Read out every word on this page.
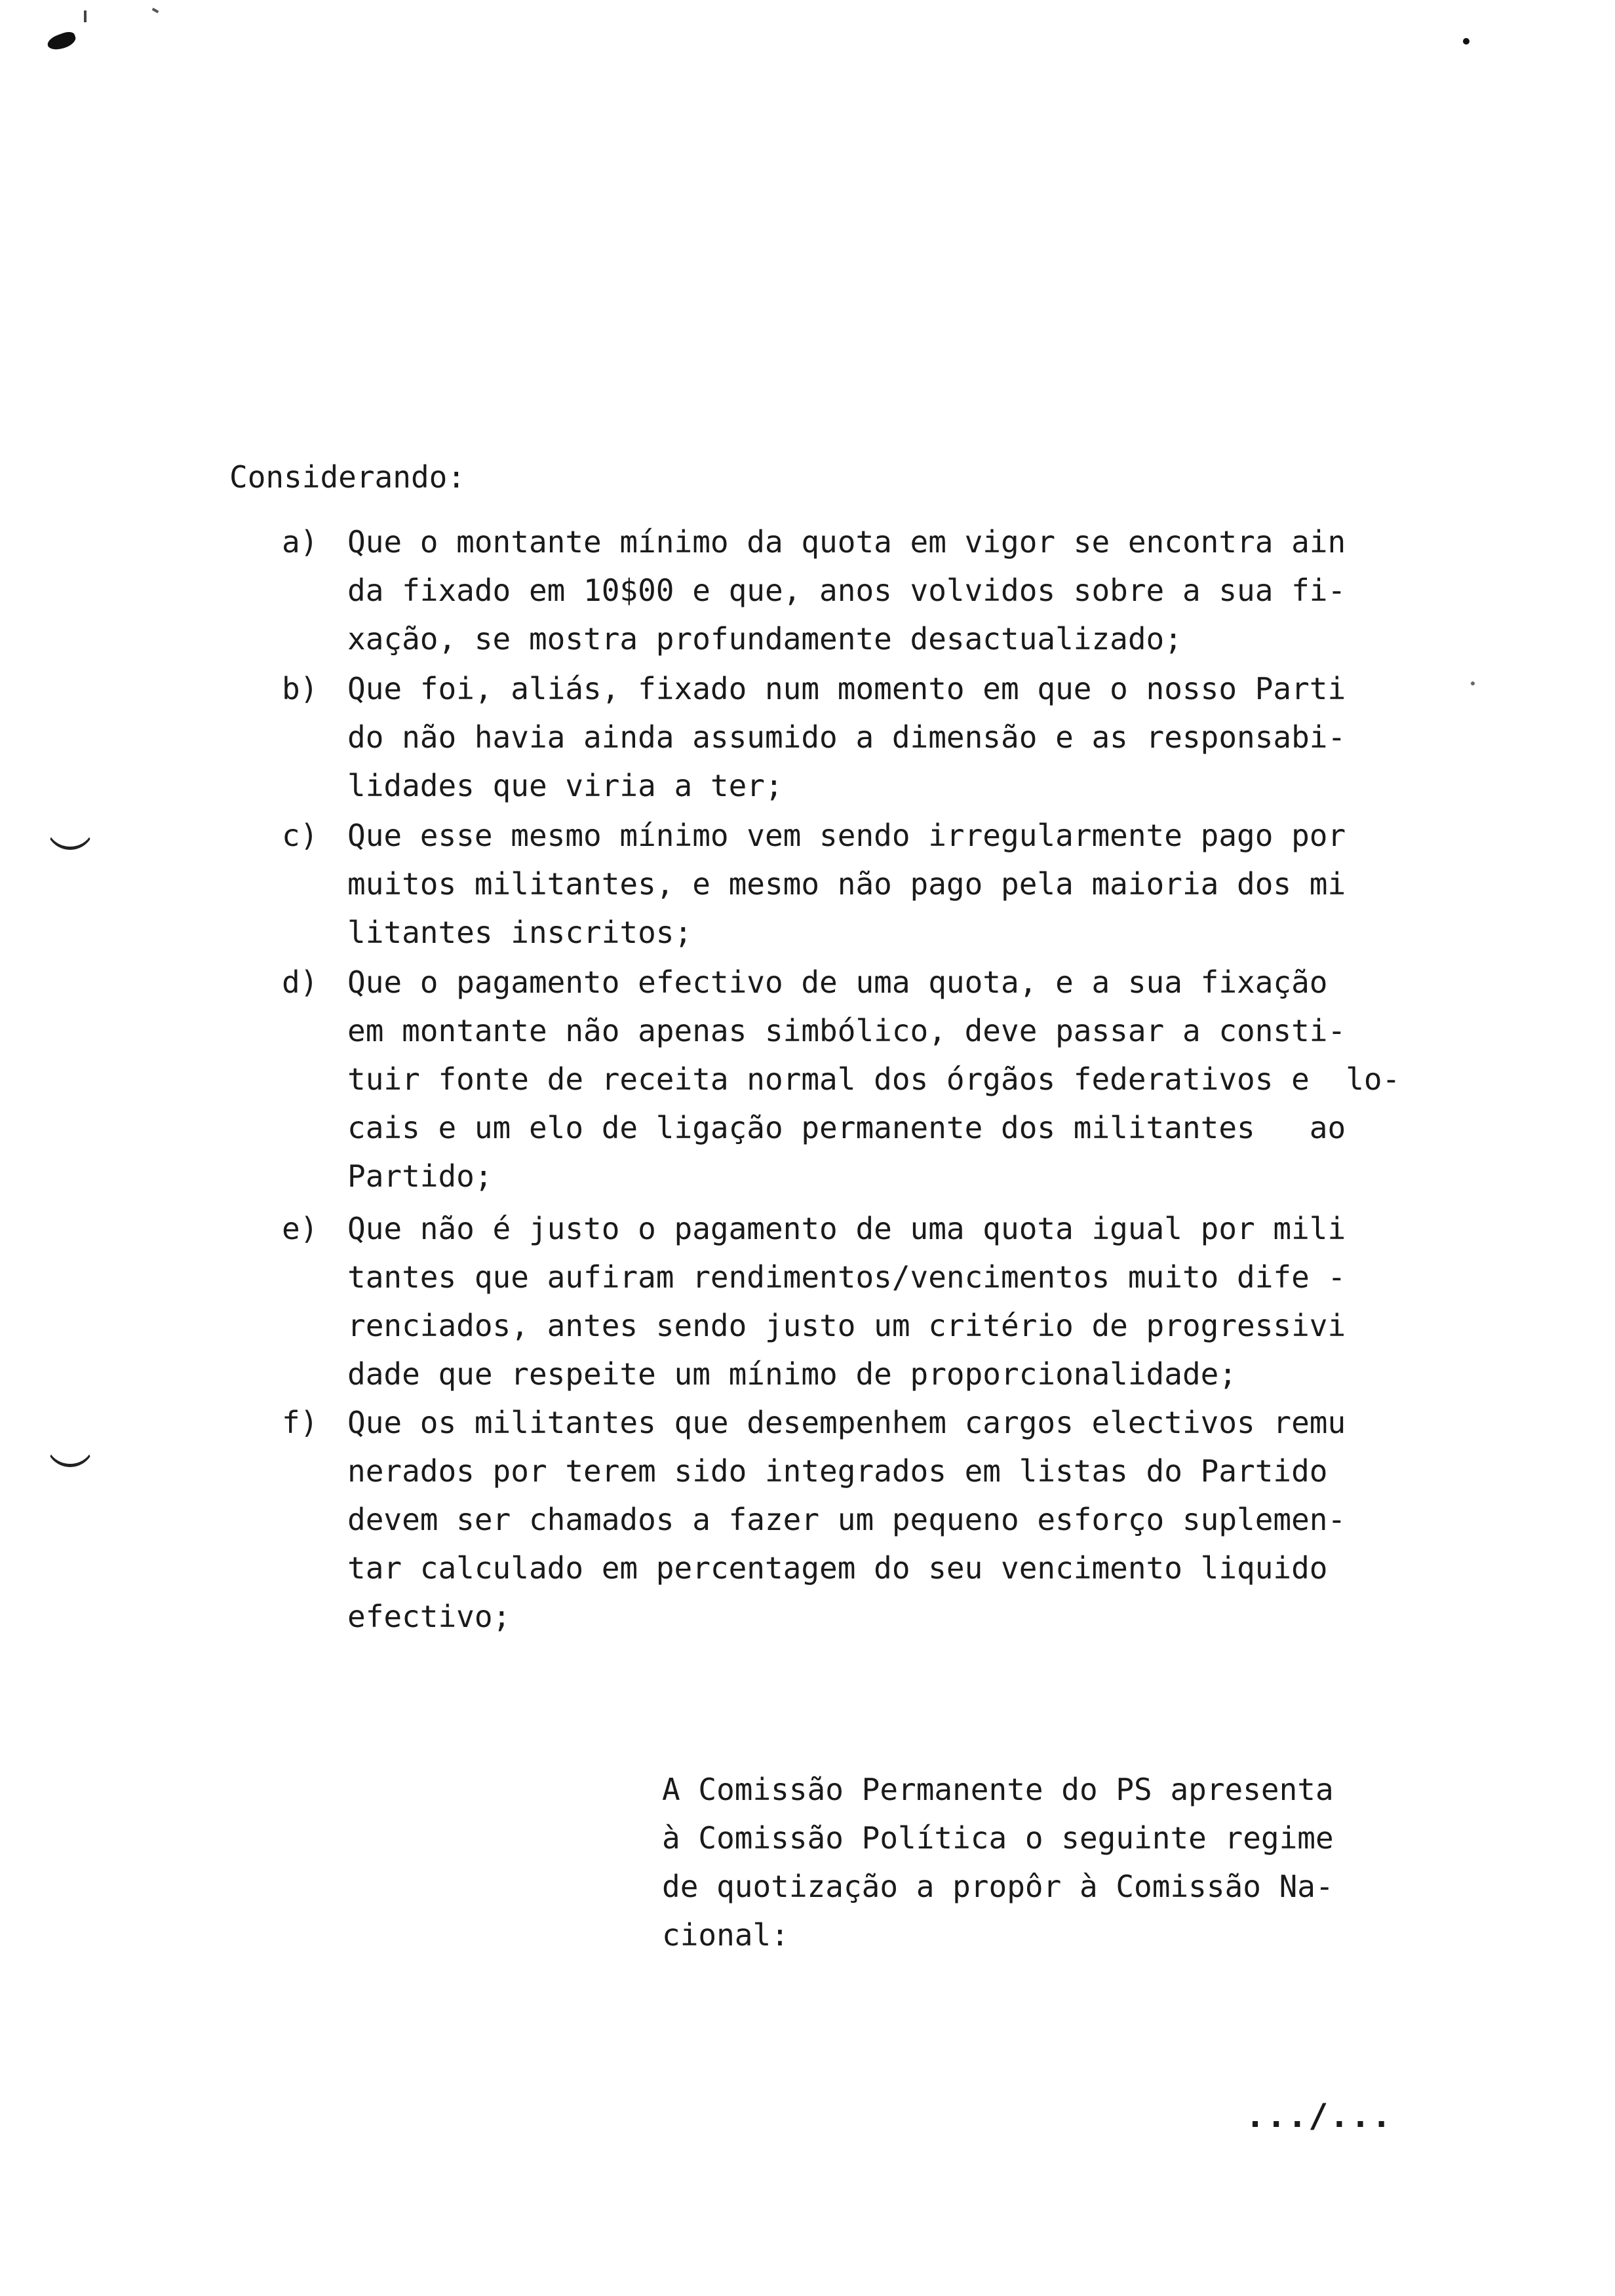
Considerando:
a) Que o montante mínimo da quota em vigor se encontra ain
da fixado em 10$00 e que, anos volvidos sobre a sua fi-
xação, se mostra profundamente desactualizado;
b) Que foi, aliás, fixado num momento em que o nosso Parti
do não havia ainda assumido a dimensão e as responsabi-
lidades que viria a ter;
c) Que esse mesmo mínimo vem sendo irregularmente pago por
muitos militantes, e mesmo não pago pela maioria dos mi
litantes inscritos;
d) Que o pagamento efectivo de uma quota, e a sua fixação
em montante não apenas simbólico, deve passar a consti-
tuir fonte de receita normal dos órgãos federativos e  lo-
cais e um elo de ligação permanente dos militantes   ao
Partido;
e) Que não é justo o pagamento de uma quota igual por mili
tantes que aufiram rendimentos/vencimentos muito dife -
renciados, antes sendo justo um critério de progressivi
dade que respeite um mínimo de proporcionalidade;
f) Que os militantes que desempenhem cargos electivos remu
nerados por terem sido integrados em listas do Partido
devem ser chamados a fazer um pequeno esforço suplemen-
tar calculado em percentagem do seu vencimento liquido
efectivo;
A Comissão Permanente do PS apresenta
à Comissão Política o seguinte regime
de quotização a propôr à Comissão Na-
cional:
.../...
